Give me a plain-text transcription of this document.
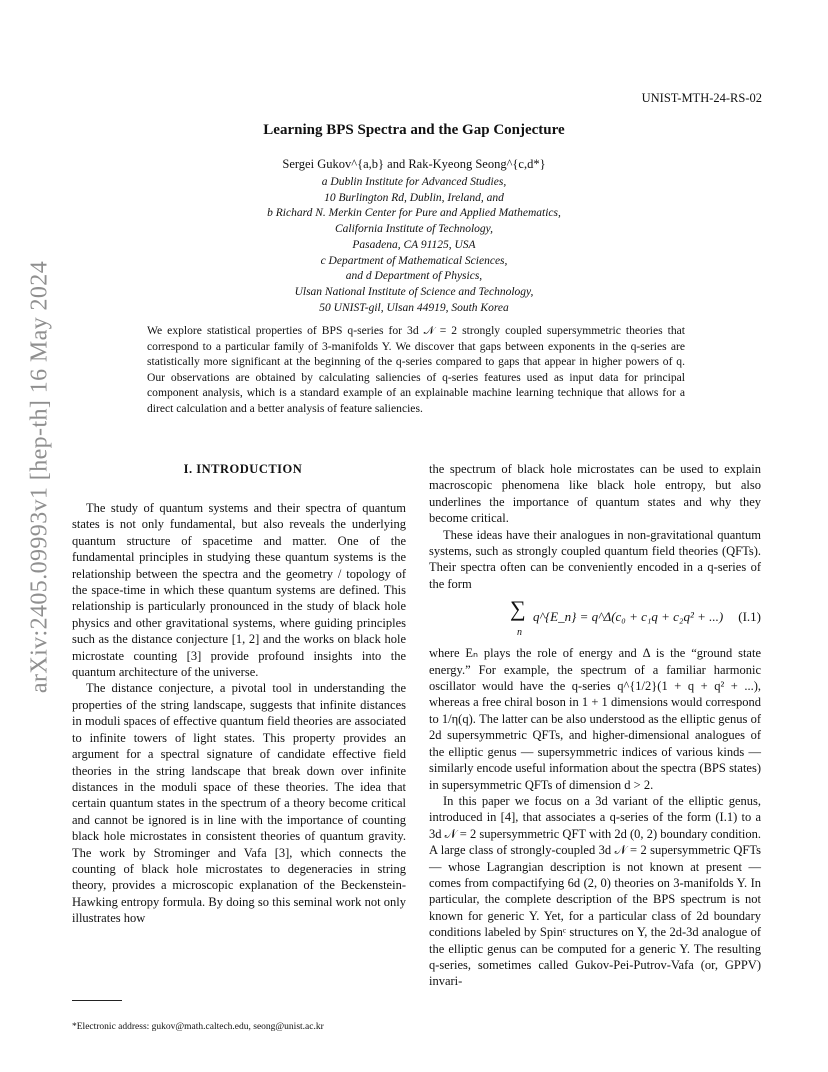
arXiv:2405.09993v1 [hep-th] 16 May 2024
UNIST-MTH-24-RS-02
Learning BPS Spectra and the Gap Conjecture
Sergei Gukov^{a,b} and Rak-Kyeong Seong^{c,d*}
a Dublin Institute for Advanced Studies,
10 Burlington Rd, Dublin, Ireland, and
b Richard N. Merkin Center for Pure and Applied Mathematics,
California Institute of Technology,
Pasadena, CA 91125, USA
c Department of Mathematical Sciences,
and d Department of Physics,
Ulsan National Institute of Science and Technology,
50 UNIST-gil, Ulsan 44919, South Korea
We explore statistical properties of BPS q-series for 3d 𝒩 = 2 strongly coupled supersymmetric theories that correspond to a particular family of 3-manifolds Y. We discover that gaps between exponents in the q-series are statistically more significant at the beginning of the q-series compared to gaps that appear in higher powers of q. Our observations are obtained by calculating saliencies of q-series features used as input data for principal component analysis, which is a standard example of an explainable machine learning technique that allows for a direct calculation and a better analysis of feature saliencies.
I. INTRODUCTION

The study of quantum systems and their spectra of quantum states is not only fundamental, but also reveals the underlying quantum structure of spacetime and matter. One of the fundamental principles in studying these quantum systems is the relationship between the spectra and the geometry / topology of the space-time in which these quantum systems are defined. This relationship is particularly pronounced in the study of black hole physics and other gravitational systems, where guiding principles such as the distance conjecture [1, 2] and the works on black hole microstate counting [3] provide profound insights into the quantum architecture of the universe.

The distance conjecture, a pivotal tool in understanding the properties of the string landscape, suggests that infinite distances in moduli spaces of effective quantum field theories are associated to infinite towers of light states. This property provides an argument for a spectral signature of candidate effective field theories in the string landscape that break down over infinite distances in the moduli space of these theories. The idea that certain quantum states in the spectrum of a theory become critical and cannot be ignored is in line with the importance of counting black hole microstates in consistent theories of quantum gravity. The work by Strominger and Vafa [3], which connects the counting of black hole microstates to degeneracies in string theory, provides a microscopic explanation of the Beckenstein-Hawking entropy formula. By doing so this seminal work not only illustrates how

the spectrum of black hole microstates can be used to explain macroscopic phenomena like black hole entropy, but also underlines the importance of quantum states and why they become critical.

These ideas have their analogues in non-gravitational quantum systems, such as strongly coupled quantum field theories (QFTs). Their spectra often can be conveniently encoded in a q-series of the form

∑
n
q^{E_n} = q^Δ(c₀ + c₁q + c₂q² + ...) (I.1)

where Eₙ plays the role of energy and Δ is the “ground state energy.” For example, the spectrum of a familiar harmonic oscillator would have the q-series q^{1/2}(1 + q + q² + ...), whereas a free chiral boson in 1 + 1 dimensions would correspond to 1/η(q). The latter can be also understood as the elliptic genus of 2d supersymmetric QFTs, and higher-dimensional analogues of the elliptic genus — supersymmetric indices of various kinds — similarly encode useful information about the spectra (BPS states) in supersymmetric QFTs of dimension d > 2.

In this paper we focus on a 3d variant of the elliptic genus, introduced in [4], that associates a q-series of the form (I.1) to a 3d 𝒩 = 2 supersymmetric QFT with 2d (0, 2) boundary condition. A large class of strongly-coupled 3d 𝒩 = 2 supersymmetric QFTs — whose Lagrangian description is not known at present — comes from compactifying 6d (2, 0) theories on 3-manifolds Y. In particular, the complete description of the BPS spectrum is not known for generic Y. Yet, for a particular class of 2d boundary conditions labeled by Spinᶜ structures on Y, the 2d-3d analogue of the elliptic genus can be computed for a generic Y. The resulting q-series, sometimes called Gukov-Pei-Putrov-Vafa (or, GPPV) invari-

*Electronic address: gukov@math.caltech.edu, seong@unist.ac.kr
